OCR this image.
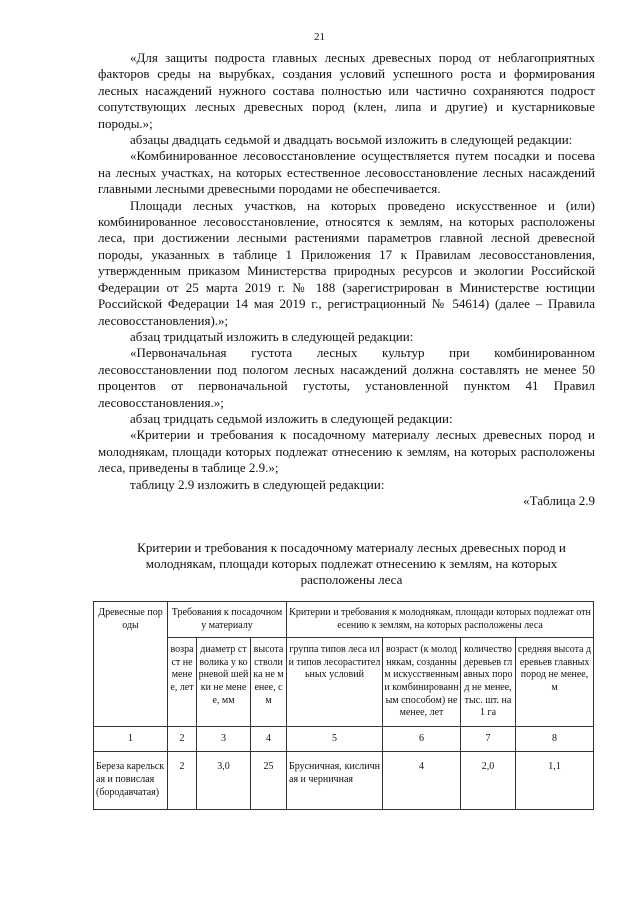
21

«Для защиты подроста главных лесных древесных пород от неблагоприятных факторов среды на вырубках, создания условий успешного роста и формирования лесных насаждений нужного состава полностью или частично сохраняются подрост сопутствующих лесных древесных пород (клен, липа и другие) и кустарниковые породы.»;

абзацы двадцать седьмой и двадцать восьмой изложить в следующей редакции:

«Комбинированное лесовосстановление осуществляется путем посадки и посева на лесных участках, на которых естественное лесовосстановление лесных насаждений главными лесными древесными породами не обеспечивается.

Площади лесных участков, на которых проведено искусственное и (или) комбинированное лесовосстановление, относятся к землям, на которых расположены леса, при достижении лесными растениями параметров главной лесной древесной породы, указанных в таблице 1 Приложения 17 к Правилам лесовосстановления, утвержденным приказом Министерства природных ресурсов и экологии Российской Федерации от 25 марта 2019 г. № 188 (зарегистрирован в Министерстве юстиции Российской Федерации 14 мая 2019 г., регистрационный № 54614) (далее – Правила лесовосстановления).»;

абзац тридцатый изложить в следующей редакции:

«Первоначальная густота лесных культур при комбинированном лесовосстановлении под пологом лесных насаждений должна составлять не менее 50 процентов от первоначальной густоты, установленной пунктом 41 Правил лесовосстановления.»;

абзац тридцать седьмой изложить в следующей редакции:

«Критерии и требования к посадочному материалу лесных древесных пород и молоднякам, площади которых подлежат отнесению к землям, на которых расположены леса, приведены в таблице 2.9.»;

таблицу 2.9 изложить в следующей редакции:

«Таблица 2.9

Критерии и требования к посадочному материалу лесных древесных пород и молоднякам, площади которых подлежат отнесению к землям, на которых расположены леса
Древесные породы	Требования к посадочному материалу			Критерии и требования к молоднякам, площади которых подлежат отнесению к землям, на которых расположены леса			
	возраст не менее, лет	диаметр стволика у корневой шейки не менее, мм	высота стволика не менее, см	группа типов леса или типов лесорастительных условий	возраст (к молоднякам, созданным искусственным и комбинированным способом) не менее, лет	количество деревьев главных пород не менее, тыс. шт. на 1 га	средняя высота деревьев главных пород не менее, м
1	2	3	4	5	6	7	8
Береза карельская и повислая (бородавчатая)	2	3,0	25	Брусничная, кисличная и черничная	4	2,0	1,1
